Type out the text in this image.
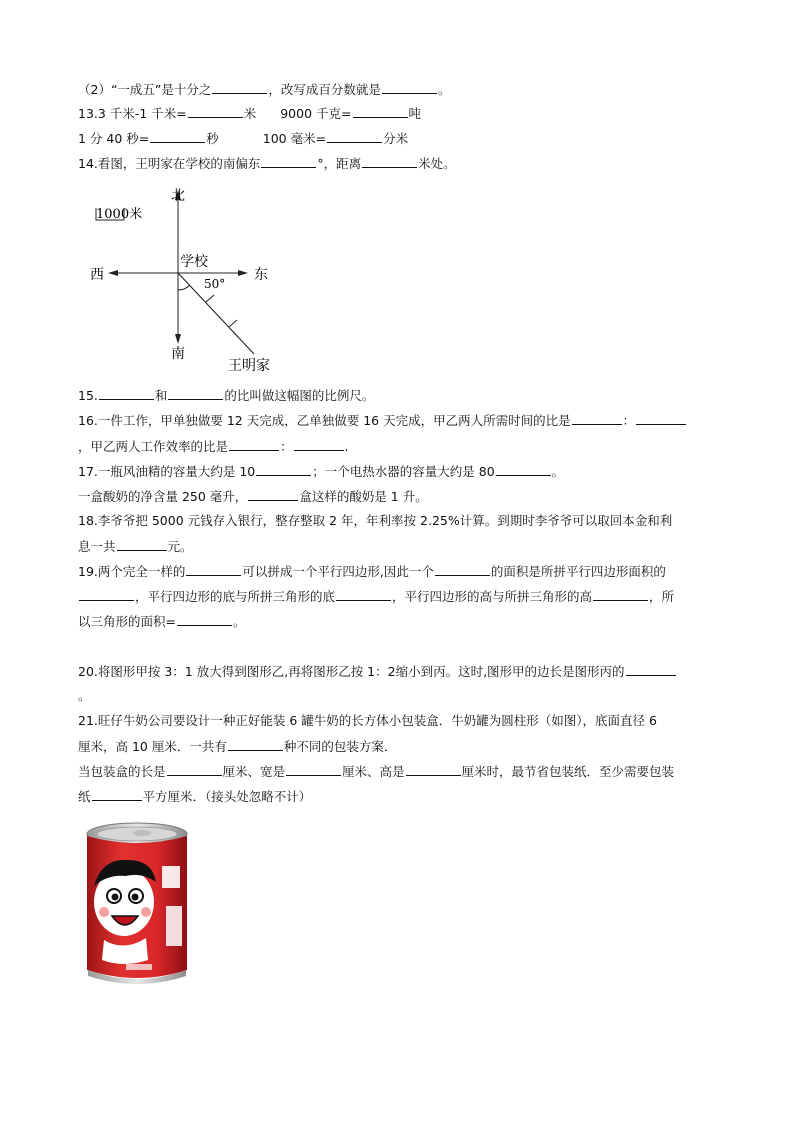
（2）“一成五”是十分之	，改写成百分数就是	。
13.3 千米-1 千米=	米 9000 千克=	吨
1 分 40 秒=	秒	100 毫米=	分米
14.看图，王明家在学校的南偏东	°，距离	米处。
1000米
北
南
东
西
学校
50°
王明家
15.	和	的比叫做这幅图的比例尺。
16.一件工作，甲单独做要 12 天完成，乙单独做要 16 天完成，甲乙两人所需时间的比是	：
，甲乙两人工作效率的比是	：	.
17.一瓶风油精的容量大约是 10	；一个电热水器的容量大约是 80	。
一盒酸奶的净含量 250 毫升，	盒这样的酸奶是 1 升。
18.李爷爷把 5000 元钱存入银行，整存整取 2 年，年利率按 2.25%计算。到期时李爷爷可以取回本金和利
息一共	元。
19.两个完全一样的	可以拼成一个平行四边形,因此一个	的面积是所拼平行四边形面积的
，平行四边形的底与所拼三角形的底	，平行四边形的高与所拼三角形的高	，所
以三角形的面积=	。
20.将图形甲按 3：1 放大得到图形乙,再将图形乙按 1：2缩小到丙。这时,图形甲的边长是图形丙的
。
21.旺仔牛奶公司要设计一种正好能装 6 罐牛奶的长方体小包装盒．牛奶罐为圆柱形（如图），底面直径 6
厘米，高 10 厘米．一共有	种不同的包装方案．
当包装盒的长是	厘米、宽是	厘米、高是	厘米时，最节省包装纸．至少需要包装
纸	平方厘米．（接头处忽略不计）
